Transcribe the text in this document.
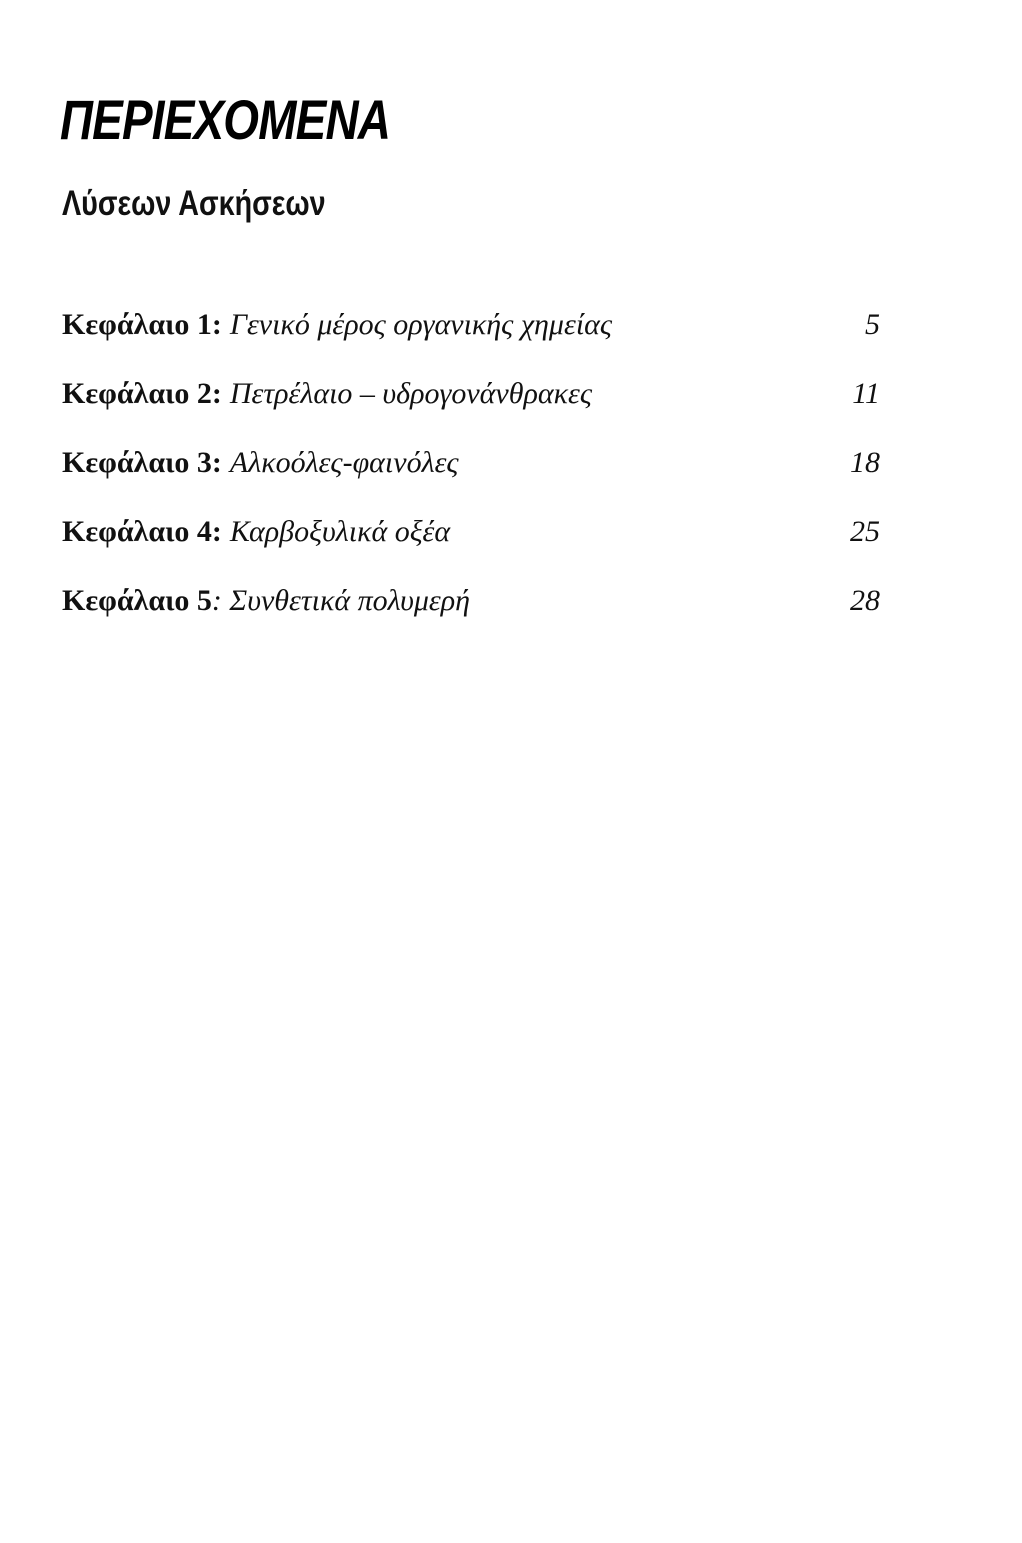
ΠΕΡΙΕΧΟΜΕΝΑ
Λύσεων Ασκήσεων
Κεφάλαιο 1: Γενικό μέρος οργανικής χημείας	5
Κεφάλαιο 2: Πετρέλαιο – υδρογονάνθρακες	11
Κεφάλαιο 3: Αλκοόλες-φαινόλες	18
Κεφάλαιο 4: Καρβοξυλικά οξέα	25
Κεφάλαιο 5 : Συνθετικά πολυμερή	28
